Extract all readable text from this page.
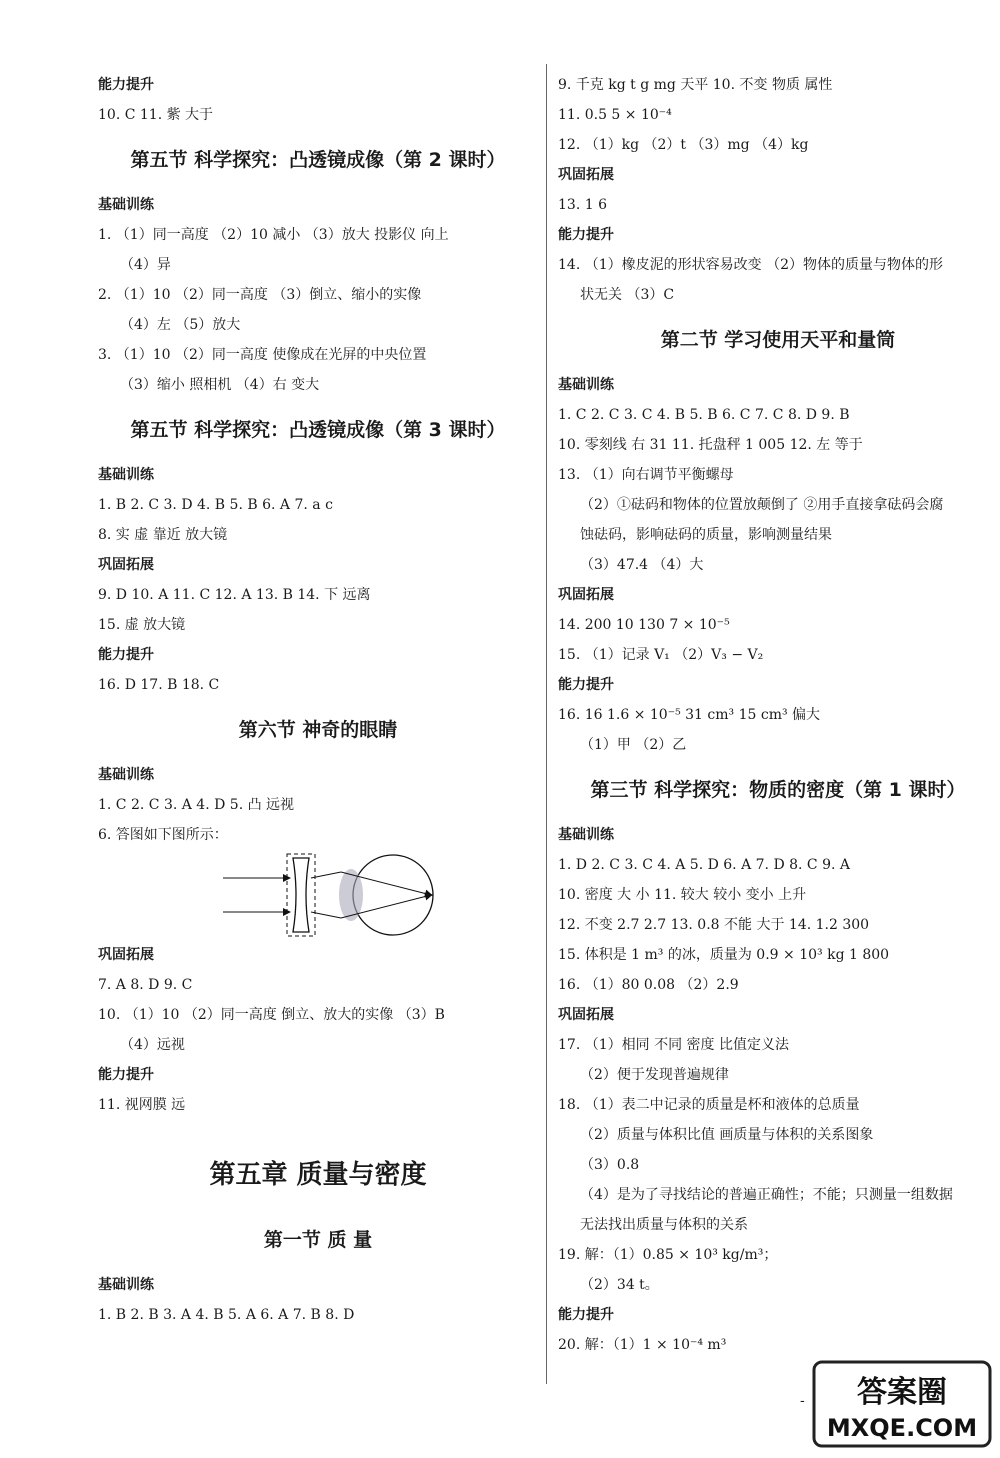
能力提升
10. C 11. 紫 大于
第五节 科学探究：凸透镜成像（第 2 课时）
基础训练
1. （1）同一高度 （2）10 减小 （3）放大 投影仪 向上
（4）异
2. （1）10 （2）同一高度 （3）倒立、缩小的实像
（4）左 （5）放大
3. （1）10 （2）同一高度 使像成在光屏的中央位置
（3）缩小 照相机 （4）右 变大
第五节 科学探究：凸透镜成像（第 3 课时）
基础训练
1. B 2. C 3. D 4. B 5. B 6. A 7. a c
8. 实 虚 靠近 放大镜
巩固拓展
9. D 10. A 11. C 12. A 13. B 14. 下 远离
15. 虚 放大镜
能力提升
16. D 17. B 18. C
第六节 神奇的眼睛
基础训练
1. C 2. C 3. A 4. D 5. 凸 远视
6. 答图如下图所示：
巩固拓展
7. A 8. D 9. C
10. （1）10 （2）同一高度 倒立、放大的实像 （3）B
（4）远视
能力提升
11. 视网膜 远
第五章 质量与密度
第一节 质 量
基础训练
1. B 2. B 3. A 4. B 5. A 6. A 7. B 8. D
9. 千克 kg t g mg 天平 10. 不变 物质 属性
11. 0.5 5 × 10⁻⁴
12. （1）kg （2）t （3）mg （4）kg
巩固拓展
13. 1 6
能力提升
14. （1）橡皮泥的形状容易改变 （2）物体的质量与物体的形
状无关 （3）C
第二节 学习使用天平和量筒
基础训练
1. C 2. C 3. C 4. B 5. B 6. C 7. C 8. D 9. B
10. 零刻线 右 31 11. 托盘秤 1 005 12. 左 等于
13. （1）向右调节平衡螺母
（2）①砝码和物体的位置放颠倒了 ②用手直接拿砝码会腐
蚀砝码，影响砝码的质量，影响测量结果
（3）47.4 （4）大
巩固拓展
14. 200 10 130 7 × 10⁻⁵
15. （1）记录 V₁ （2）V₃ − V₂
能力提升
16. 16 1.6 × 10⁻⁵ 31 cm³ 15 cm³ 偏大
（1）甲 （2）乙
第三节 科学探究：物质的密度（第 1 课时）
基础训练
1. D 2. C 3. C 4. A 5. D 6. A 7. D 8. C 9. A
10. 密度 大 小 11. 较大 较小 变小 上升
12. 不变 2.7 2.7 13. 0.8 不能 大于 14. 1.2 300
15. 体积是 1 m³ 的冰，质量为 0.9 × 10³ kg 1 800
16. （1）80 0.08 （2）2.9
巩固拓展
17. （1）相同 不同 密度 比值定义法
（2）便于发现普遍规律
18. （1）表二中记录的质量是杯和液体的总质量
（2）质量与体积比值 画质量与体积的关系图象
（3）0.8
（4）是为了寻找结论的普遍正确性；不能；只测量一组数据
无法找出质量与体积的关系
19. 解：（1）0.85 × 10³ kg/m³；
（2）34 t。
能力提升
20. 解：（1）1 × 10⁻⁴ m³
- 答案圈
MXQE.COM
